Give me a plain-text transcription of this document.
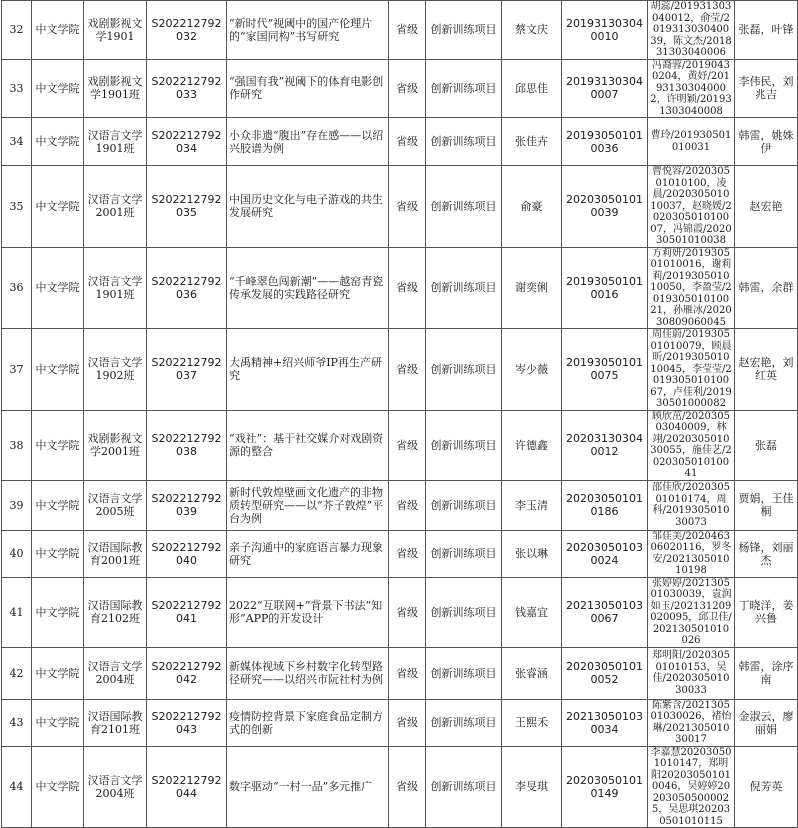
32	中文学院	戏剧影视文学1901	S202212792032	“新时代”视阈中的国产伦理片的“家国同构”书写研究	省级	创新训练项目	蔡文庆	201931303040010	胡蕊/201931303040012，俞莹/201931303040039，陈文杰/201831303040006	张磊，叶锋
33	中文学院	戏剧影视文学1901班	S202212792033	“强国有我”视阈下的体育电影创作研究	省级	创新训练项目	邱思佳	201931303040007	冯裔蓉/20190430204，黄妤/201931303040002，许明颖/201931303040008	李伟民，刘兆吉
34	中文学院	汉语言文学1901班	S202212792034	小众非遗“腹出”存在感——以绍兴胶谱为例	省级	创新训练项目	张佳卉	201930501010036	曹玲/201930501010031	韩雷，姚姝伊
35	中文学院	汉语言文学2001班	S202212792035	中国历史文化与电子游戏的共生发展研究	省级	创新训练项目	俞豪	202030501010039	曹悦容/202030501010100，凌晨/202030501010037，赵晓媛/202030501010007，冯锦霞/202030501010038	赵宏艳
36	中文学院	汉语言文学1901班	S202212792036	“千峰翠色闯新潮”——越窑青瓷传承发展的实践路径研究	省级	创新训练项目	谢奕俐	201930501010016	方莉妍/201930501010016，谢莉莉/201930501010050，李盈莹/201930501010021，孙雁冰/202030809060045	韩雷，余群
37	中文学院	汉语言文学1902班	S202212792037	大禹精神+绍兴师爷IP再生产研究	省级	创新训练项目	岑少薇	201930501010075	周佳蔚/201930501010079，顾晨昕/201930501010045，李莹莹/201930501010067，卢佳利/201930501000082	赵宏艳，刘红英
38	中文学院	戏剧影视文学2001班	S202212792038	“戏社”：基于社交媒介对戏剧资源的整合	省级	创新训练项目	许德鑫	202031303040012	顾欣茁/202030503040009，林翊/202030501030055，施佳艺/202030501010041	张磊
39	中文学院	汉语言文学2005班	S202212792039	新时代敦煌壁画文化遗产的非物质转型研究——以“芥子敦煌”平台为例	省级	创新训练项目	李玉清	202030501010186	邵佳欣/202030501010174，周科/201930501030073	贾娟，王佳桐
40	中文学院	汉语国际教育2001班	S202212792040	亲子沟通中的家庭语言暴力现象研究	省级	创新训练项目	张以琳	202030501030024	邹佳美/202046306020116，罗冬安/202130501010198	杨锋，刘丽杰
41	中文学院	汉语国际教育2102班	S202212792041	2022“互联网+”背景下书法“知形”APP的开发设计	省级	创新训练项目	钱嘉宜	202130501030067	张婷婷/202130501030039，袁润如玉/202131209020095，邱卫佳/202130501010026	丁晓洋，姜兴鲁
42	中文学院	汉语言文学2004班	S202212792042	新媒体视域下乡村数字化转型路径研究——以绍兴市阮社村为例	省级	创新训练项目	张睿涵	202030501010052	郑明阳/202030501010153，吴佳/202030501030033	韩雷，涂序南
43	中文学院	汉语国际教育2101班	S202212792043	疫情防控背景下家庭食品定制方式的创新	省级	创新训练项目	王熙禾	202130501030034	陈紫含/202130501030026，褚怡琳/202130501030017	金淑云，廖丽娟
44	中文学院	汉语言文学2004班	S202212792044	数字驱动“一村一品”多元推广	省级	创新训练项目	李旻琪	202030501010149	李嘉慧202030501010147，郑明阳202030501010046，吴婷婷202030505000025，吴思琪202030501010115	倪芳英
